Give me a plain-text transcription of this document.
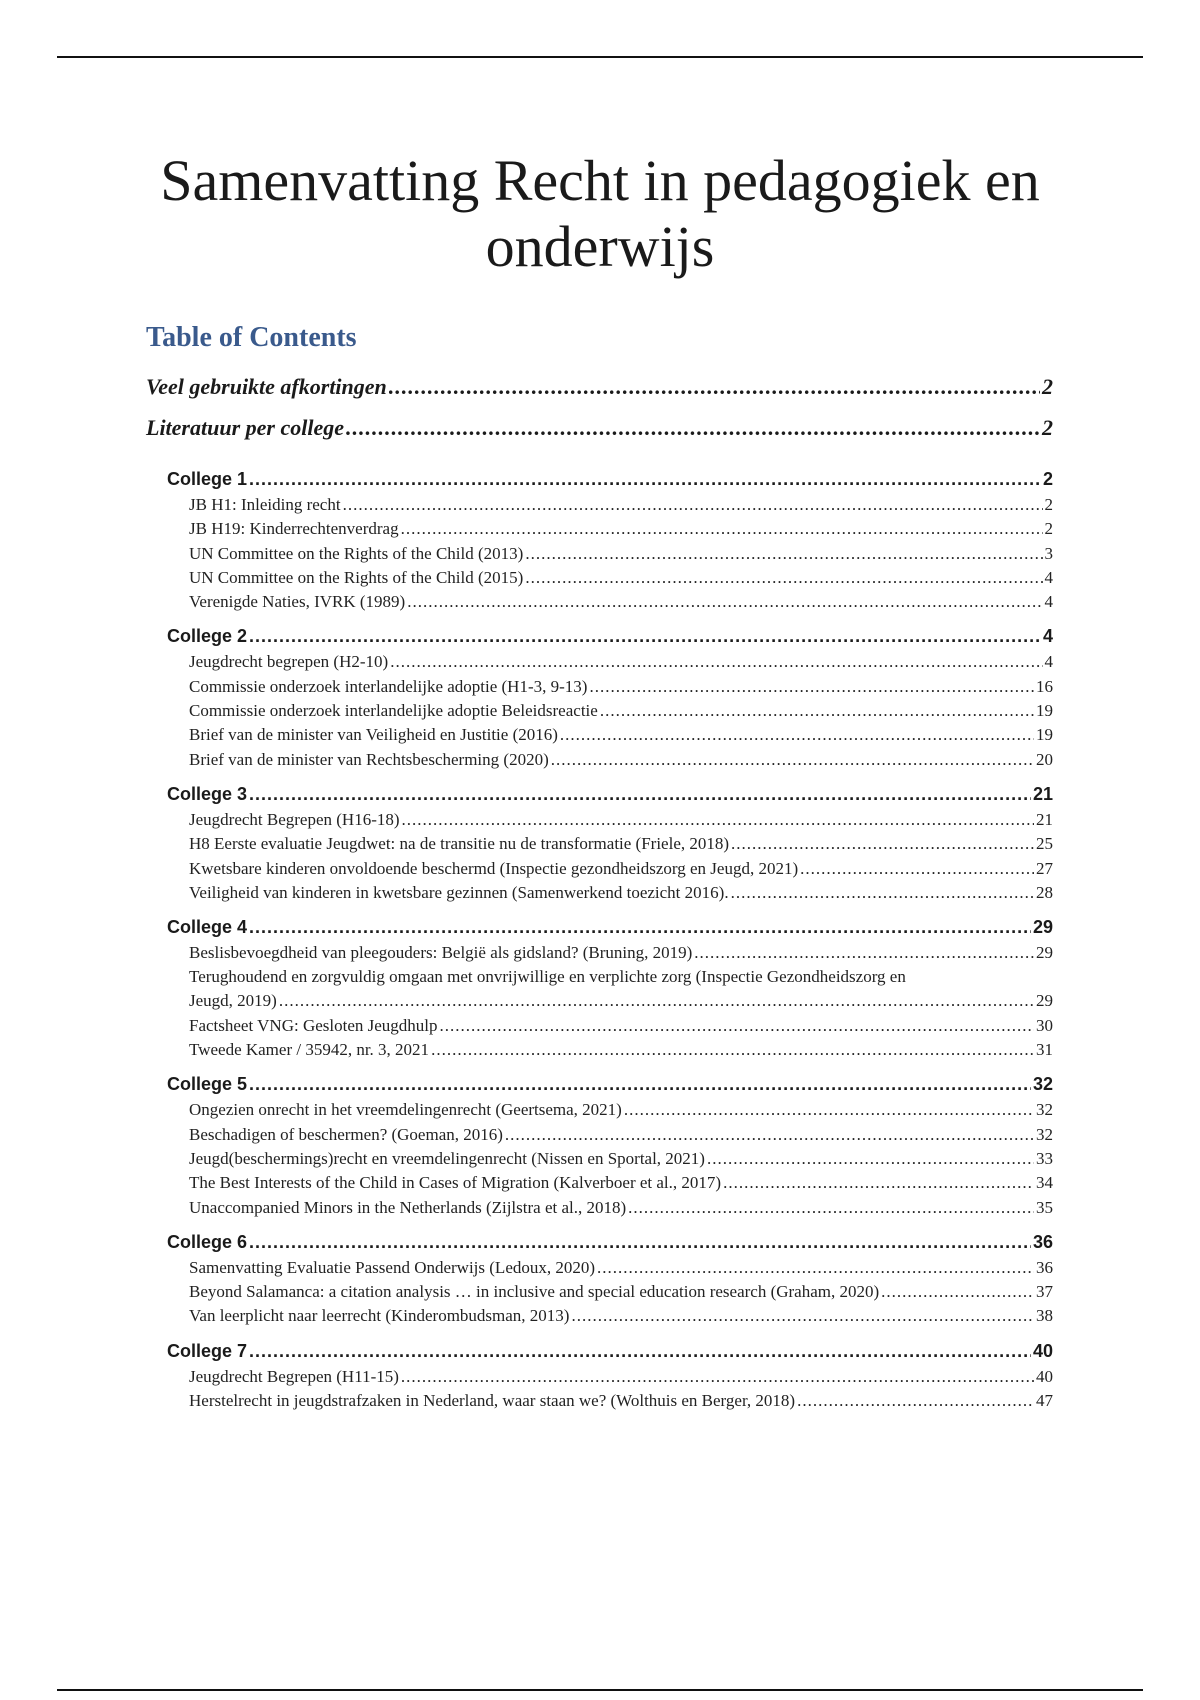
Samenvatting Recht in pedagogiek en onderwijs
Table of Contents
Veel gebruikte afkortingen .....	2
Literatuur per college .....	2
College 1 .....	2
JB H1: Inleiding recht .....	2
JB H19: Kinderrechtenverdrag .....	2
UN Committee on the Rights of the Child (2013) .....	3
UN Committee on the Rights of the Child (2015) .....	4
Verenigde Naties, IVRK (1989) .....	4
College 2 .....	4
Jeugdrecht begrepen (H2-10) .....	4
Commissie onderzoek interlandelijke adoptie (H1-3, 9-13) .....	16
Commissie onderzoek interlandelijke adoptie Beleidsreactie .....	19
Brief van de minister van Veiligheid en Justitie (2016) .....	19
Brief van de minister van Rechtsbescherming (2020) .....	20
College 3 .....	21
Jeugdrecht Begrepen (H16-18) .....	21
H8 Eerste evaluatie Jeugdwet: na de transitie nu de transformatie (Friele, 2018) .....	25
Kwetsbare kinderen onvoldoende beschermd (Inspectie gezondheidszorg en Jeugd, 2021) .....	27
Veiligheid van kinderen in kwetsbare gezinnen (Samenwerkend toezicht 2016). .....	28
College 4 .....	29
Beslisbevoegdheid van pleegouders: België als gidsland? (Bruning, 2019) .....	29
Terughoudend en zorgvuldig omgaan met onvrijwillige en verplichte zorg (Inspectie Gezondheidszorg en
Jeugd, 2019) .....	29
Factsheet VNG: Gesloten Jeugdhulp .....	30
Tweede Kamer / 35942, nr. 3, 2021 .....	31
College 5 .....	32
Ongezien onrecht in het vreemdelingenrecht (Geertsema, 2021) .....	32
Beschadigen of beschermen? (Goeman, 2016) .....	32
Jeugd(beschermings)recht en vreemdelingenrecht (Nissen en Sportal, 2021) .....	33
The Best Interests of the Child in Cases of Migration (Kalverboer et al., 2017) .....	34
Unaccompanied Minors in the Netherlands (Zijlstra et al., 2018) .....	35
College 6 .....	36
Samenvatting Evaluatie Passend Onderwijs (Ledoux, 2020) .....	36
Beyond Salamanca: a citation analysis … in inclusive and special education research (Graham, 2020) .....	37
Van leerplicht naar leerrecht (Kinderombudsman, 2013) .....	38
College 7 .....	40
Jeugdrecht Begrepen (H11-15) .....	40
Herstelrecht in jeugdstrafzaken in Nederland, waar staan we? (Wolthuis en Berger, 2018) .....	47
